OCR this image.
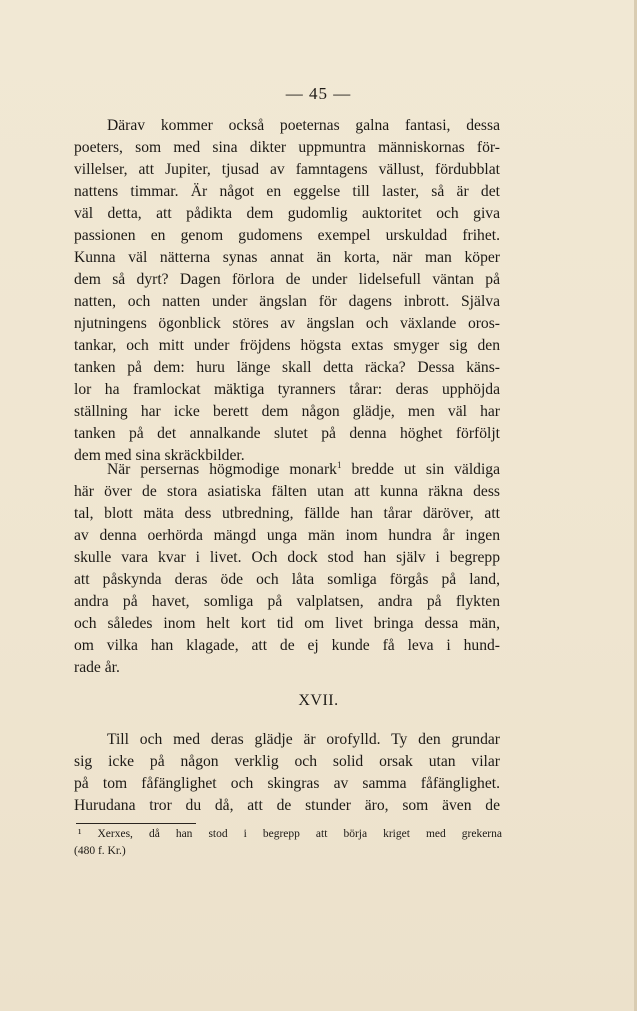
— 45 —
Därav kommer också poeternas galna fantasi, dessa
poeters, som med sina dikter uppmuntra människornas för-
villelser, att Jupiter, tjusad av famntagens vällust, fördubblat
nattens timmar. Är något en eggelse till laster, så är det
väl detta, att pådikta dem gudomlig auktoritet och giva
passionen en genom gudomens exempel urskuldad frihet.
Kunna väl nätterna synas annat än korta, när man köper
dem så dyrt? Dagen förlora de under lidelsefull väntan på
natten, och natten under ängslan för dagens inbrott. Själva
njutningens ögonblick störes av ängslan och växlande oros-
tankar, och mitt under fröjdens högsta extas smyger sig den
tanken på dem: huru länge skall detta räcka? Dessa käns-
lor ha framlockat mäktiga tyranners tårar: deras upphöjda
ställning har icke berett dem någon glädje, men väl har
tanken på det annalkande slutet på denna höghet förföljt
dem med sina skräckbilder.
När persernas högmodige monark$^1$ bredde ut sin väldiga
här över de stora asiatiska fälten utan att kunna räkna dess
tal, blott mäta dess utbredning, fällde han tårar däröver, att
av denna oerhörda mängd unga män inom hundra år ingen
skulle vara kvar i livet. Och dock stod han själv i begrepp
att påskynda deras öde och låta somliga förgås på land,
andra på havet, somliga på valplatsen, andra på flykten
och således inom helt kort tid om livet bringa dessa män,
om vilka han klagade, att de ej kunde få leva i hund-
rade år.
XVII.
Till och med deras glädje är orofylld. Ty den grundar
sig icke på någon verklig och solid orsak utan vilar
på tom fåfänglighet och skingras av samma fåfänglighet.
Hurudana tror du då, att de stunder äro, som även de
¹ Xerxes, då han stod i begrepp att börja kriget med grekerna
(480 f. Kr.)
